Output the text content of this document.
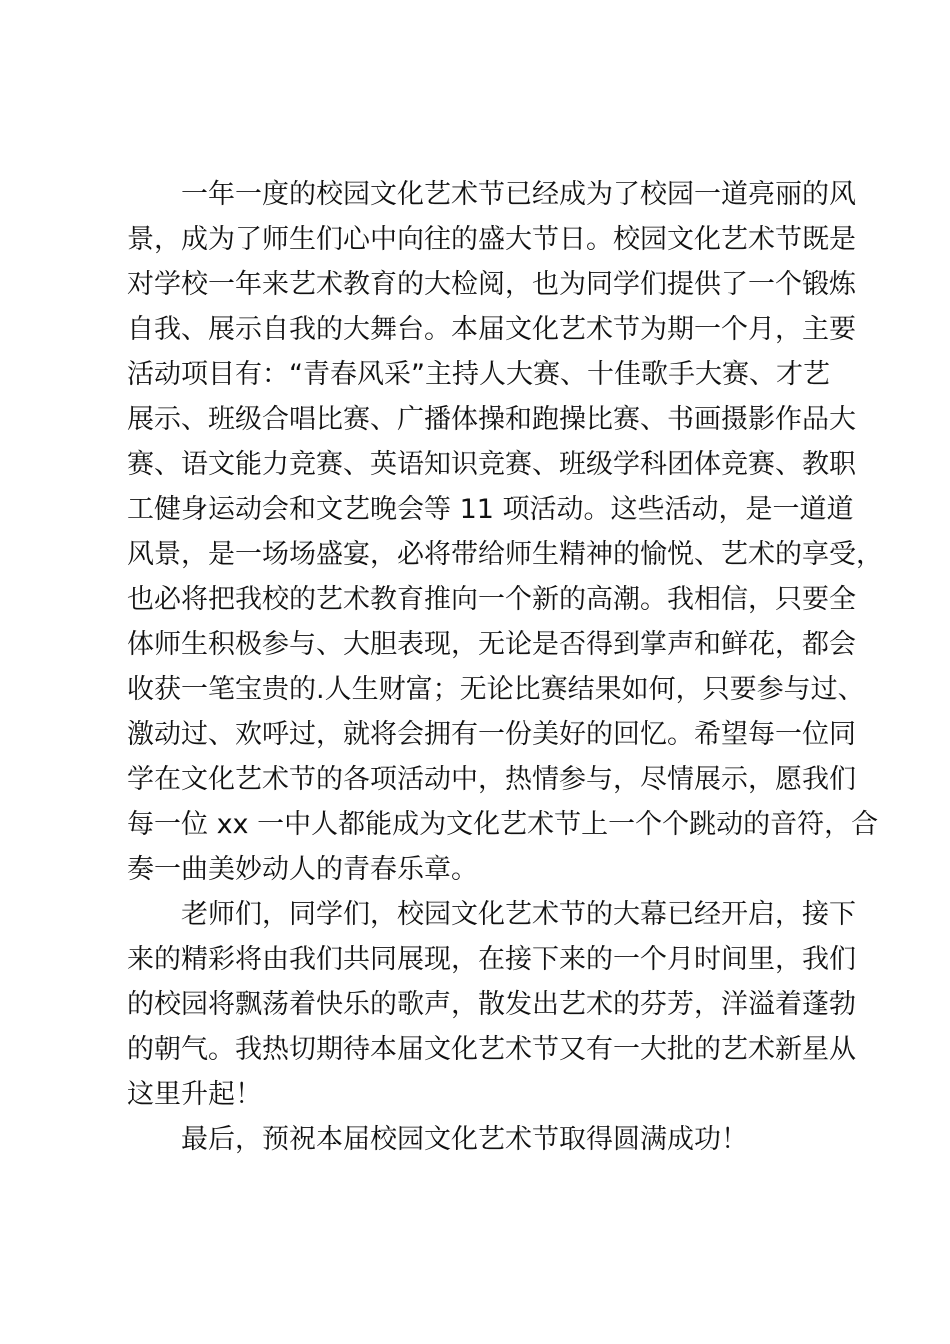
一年一度的校园文化艺术节已经成为了校园一道亮丽的风
景，成为了师生们心中向往的盛大节日。校园文化艺术节既是
对学校一年来艺术教育的大检阅，也为同学们提供了一个锻炼
自我、展示自我的大舞台。本届文化艺术节为期一个月，主要
活动项目有：“青春风采”主持人大赛、十佳歌手大赛、才艺
展示、班级合唱比赛、广播体操和跑操比赛、书画摄影作品大
赛、语文能力竞赛、英语知识竞赛、班级学科团体竞赛、教职
工健身运动会和文艺晚会等 11 项活动。这些活动，是一道道
风景，是一场场盛宴，必将带给师生精神的愉悦、艺术的享受，
也必将把我校的艺术教育推向一个新的高潮。我相信，只要全
体师生积极参与、大胆表现，无论是否得到掌声和鲜花，都会
收获一笔宝贵的.人生财富；无论比赛结果如何，只要参与过、
激动过、欢呼过，就将会拥有一份美好的回忆。希望每一位同
学在文化艺术节的各项活动中，热情参与，尽情展示，愿我们
每一位 xx 一中人都能成为文化艺术节上一个个跳动的音符，合
奏一曲美妙动人的青春乐章。
老师们，同学们，校园文化艺术节的大幕已经开启，接下
来的精彩将由我们共同展现，在接下来的一个月时间里，我们
的校园将飘荡着快乐的歌声，散发出艺术的芬芳，洋溢着蓬勃
的朝气。我热切期待本届文化艺术节又有一大批的艺术新星从
这里升起！
最后，预祝本届校园文化艺术节取得圆满成功！
